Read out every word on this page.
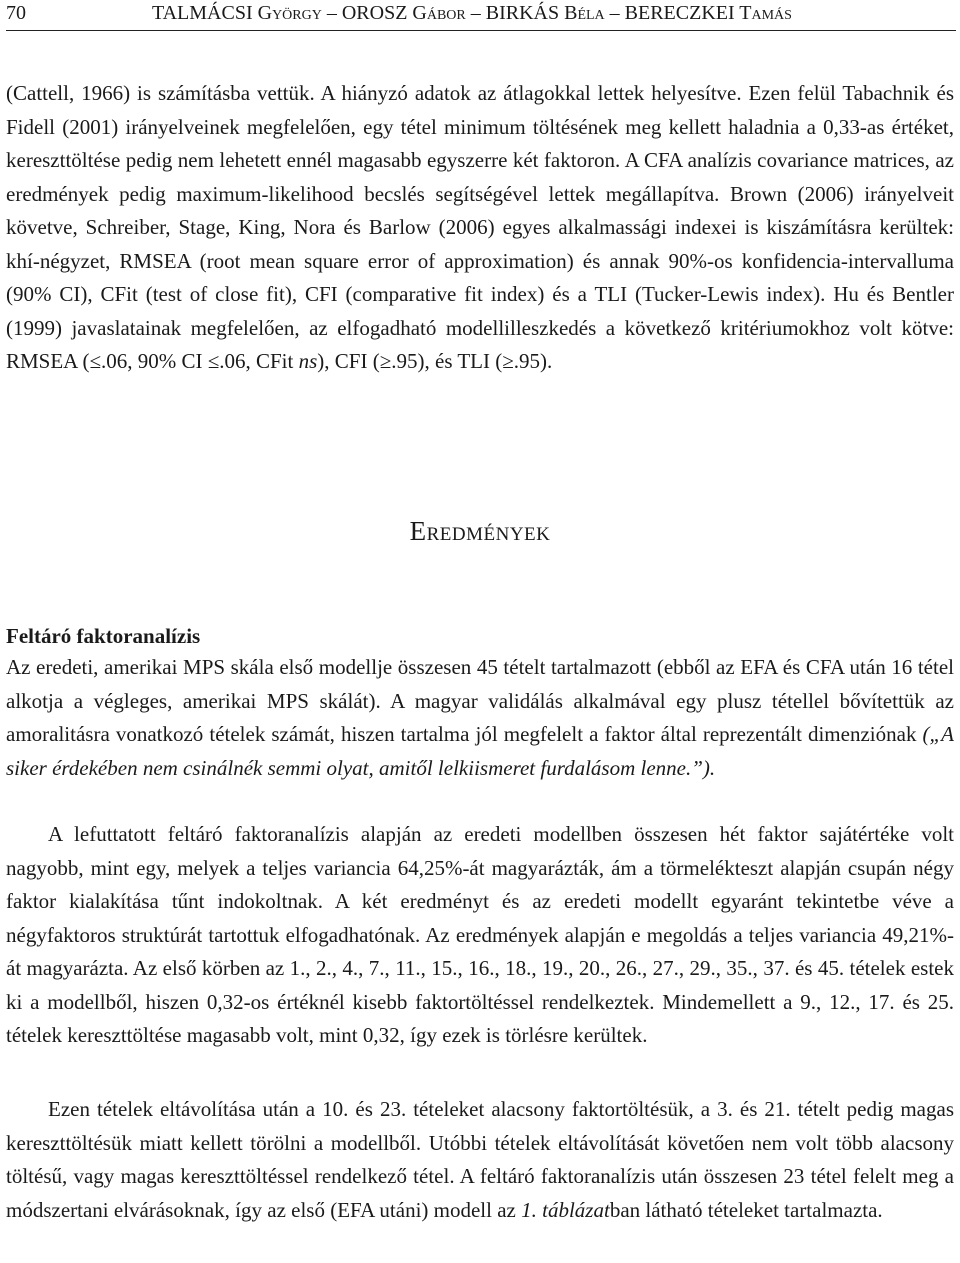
70	TALMÁCSI György – OROSZ Gábor – BIRKÁS Béla – BERECZKEI Tamás

(Cattell, 1966) is számításba vettük. A hiányzó adatok az átlagokkal lettek helyesítve. Ezen felül Tabachnik és Fidell (2001) irányelveinek megfelelően, egy tétel minimum töltésének meg kellett haladnia a 0,33-as értéket, kereszttöltése pedig nem lehetett ennél magasabb egyszerre két faktoron. A CFA analízis covariance matrices, az eredmények pedig maximum-likelihood becslés segítségével lettek megállapítva. Brown (2006) irányelveit követve, Schreiber, Stage, King, Nora és Barlow (2006) egyes alkalmassági indexei is kiszámításra kerültek: khí-négyzet, RMSEA (root mean square error of approximation) és annak 90%-os konfidencia-intervalluma (90% CI), CFit (test of close fit), CFI (comparative fit index) és a TLI (Tucker-Lewis index). Hu és Bentler (1999) javaslatainak megfelelően, az elfogadható modellilleszkedés a következő kritériumokhoz volt kötve: RMSEA (≤.06, 90% CI ≤.06, CFit ns), CFI (≥.95), és TLI (≥.95).

Eredmények
Feltáró faktoranalízis

Az eredeti, amerikai MPS skála első modellje összesen 45 tételt tartalmazott (ebből az EFA és CFA után 16 tétel alkotja a végleges, amerikai MPS skálát). A magyar validálás alkalmával egy plusz tétellel bővítettük az amoralitásra vonatkozó tételek számát, hiszen tartalma jól megfelelt a faktor által reprezentált dimenziónak („A siker érdekében nem csinálnék semmi olyat, amitől lelkiismeret furdalásom lenne.”).

A lefuttatott feltáró faktoranalízis alapján az eredeti modellben összesen hét faktor sajátértéke volt nagyobb, mint egy, melyek a teljes variancia 64,25%-át magyarázták, ám a törmelékteszt alapján csupán négy faktor kialakítása tűnt indokoltnak. A két eredményt és az eredeti modellt egyaránt tekintetbe véve a négyfaktoros struktúrát tartottuk elfogadhatónak. Az eredmények alapján e megoldás a teljes variancia 49,21%-át magyarázta. Az első körben az 1., 2., 4., 7., 11., 15., 16., 18., 19., 20., 26., 27., 29., 35., 37. és 45. tételek estek ki a modellből, hiszen 0,32-os értéknél kisebb faktortöltéssel rendelkeztek. Mindemellett a 9., 12., 17. és 25. tételek kereszttöltése magasabb volt, mint 0,32, így ezek is törlésre kerültek.

Ezen tételek eltávolítása után a 10. és 23. tételeket alacsony faktortöltésük, a 3. és 21. tételt pedig magas kereszttöltésük miatt kellett törölni a modellből. Utóbbi tételek eltávolítását követően nem volt több alacsony töltésű, vagy magas kereszttöltéssel rendelkező tétel. A feltáró faktoranalízis után összesen 23 tétel felelt meg a módszertani elvárásoknak, így az első (EFA utáni) modell az 1. táblázatban látható tételeket tartalmazta.
